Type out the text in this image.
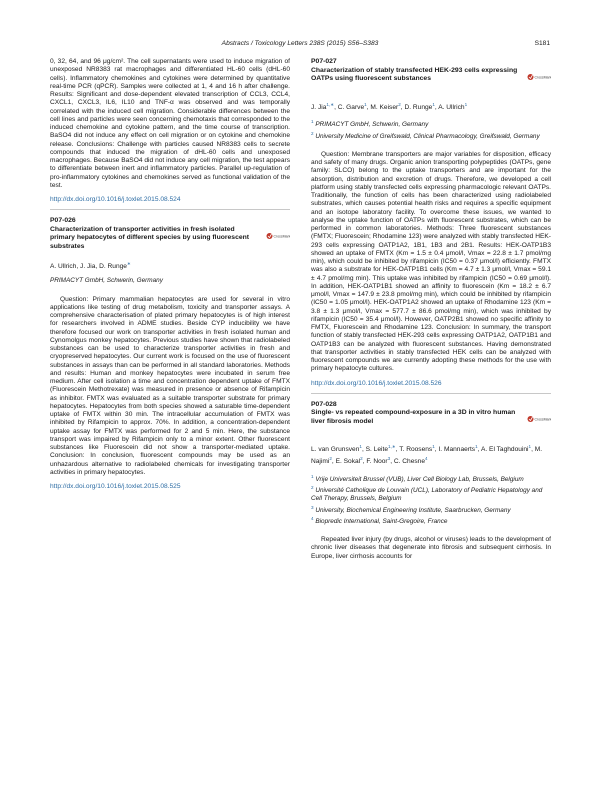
Abstracts / Toxicology Letters 238S (2015) S56–S383	S181

0, 32, 64, and 96 μg/cm². The cell supernatants were used to induce migration of unexposed NR8383 rat macrophages and differentiated HL-60 cells (dHL-60 cells). Inflammatory chemokines and cytokines were determined by quantitative real-time PCR (qPCR). Samples were collected at 1, 4 and 16 h after challenge. Results: Significant and dose-dependent elevated transcription of CCL3, CCL4, CXCL1, CXCL3, IL6, IL10 and TNF-α was observed and was temporally correlated with the induced cell migration. Considerable differences between the cell lines and particles were seen concerning chemotaxis that corresponded to the induced chemokine and cytokine pattern, and the time course of transcription. BaSO4 did not induce any effect on cell migration or on cytokine and chemokine release. Conclusions: Challenge with particles caused NR8383 cells to secrete compounds that induced the migration of dHL-60 cells and unexposed macrophages. Because BaSO4 did not induce any cell migration, the test appears to differentiate between inert and inflammatory particles. Parallel up-regulation of pro-inflammatory cytokines and chemokines served as functional validation of the test.

http://dx.doi.org/10.1016/j.toxlet.2015.08.524
P07-026
Characterization of transporter activities in fresh isolated primary hepatocytes of different species by using fluorescent substrates
CrossMark
A. Ullrich, J. Jia, D. Runge∗
PRIMACYT GmbH, Schwerin, Germany

Question: Primary mammalian hepatocytes are used for several in vitro applications like testing of drug metabolism, toxicity and transporter assays. A comprehensive characterisation of plated primary hepatocytes is of high interest for researchers involved in ADME studies. Beside CYP inducibility we have therefore focused our work on transporter activities in fresh isolated human and Cynomolgus monkey hepatocytes. Previous studies have shown that radiolabeled substances can be used to characterize transporter activities in fresh and cryopreserved hepatocytes. Our current work is focused on the use of fluorescent substances in assays than can be performed in all standard laboratories. Methods and results: Human and monkey hepatocytes were incubated in serum free medium. After cell isolation a time and concentration dependent uptake of FMTX (Fluorescein Methotrexate) was measured in presence or absence of Rifampicin as inhibitor. FMTX was evaluated as a suitable transporter substrate for primary hepatocytes. Hepatocytes from both species showed a saturable time-dependent uptake of FMTX within 30 min. The intracellular accumulation of FMTX was inhibited by Rifampicin to approx. 70%. In addition, a concentration-dependent uptake assay for FMTX was performed for 2 and 5 min. Here, the substance transport was impaired by Rifampicin only to a minor extent. Other fluorescent substances like Fluorescein did not show a transporter-mediated uptake. Conclusion: In conclusion, fluorescent compounds may be used as an unhazardous alternative to radiolabeled chemicals for investigating transporter activities in primary hepatocytes.

http://dx.doi.org/10.1016/j.toxlet.2015.08.525
P07-027
Characterization of stably transfected HEK-293 cells expressing OATPs using fluorescent substances	CrossMark
J. Jia$^{1,∗}$, C. Garve$^1$, M. Keiser$^2$, D. Runge$^1$, A. Ullrich$^1$
$^1$ PRIMACYT GmbH, Schwerin, Germany
$^2$ University Medicine of Greifswald, Clinical Pharmacology, Greifswald, Germany

Question: Membrane transporters are major variables for disposition, efficacy and safety of many drugs. Organic anion transporting polypeptides (OATPs, gene family: SLCO) belong to the uptake transporters and are important for the absorption, distribution and excretion of drugs. Therefore, we developed a cell platform using stably transfected cells expressing pharmacologic relevant OATPs. Traditionally, the function of cells has been characterized using radiolabeled substrates, which causes potential health risks and requires a specific equipment and an isotope laboratory facility. To overcome these issues, we wanted to analyse the uptake function of OATPs with fluorescent substrates, which can be performed in common laboratories. Methods: Three fluorescent substances (FMTX; Fluorescein; Rhodamine 123) were analyzed with stably transfected HEK-293 cells expressing OATP1A2, 1B1, 1B3 and 2B1. Results: HEK-OATP1B3 showed an uptake of FMTX (Km = 1.5 ± 0.4 μmol/l, Vmax = 22.8 ± 1.7 pmol/mg min), which could be inhibited by rifampicin (IC50 = 0.37 μmol/l) efficiently. FMTX was also a substrate for HEK-OATP1B1 cells (Km = 4.7 ± 1.3 μmol/l, Vmax = 59.1 ± 4.7 pmol/mg min). This uptake was inhibited by rifampicin (IC50 = 0.69 μmol/l). In addition, HEK-OATP1B1 showed an affinity to fluorescein (Km = 18.2 ± 6.7 μmol/l, Vmax = 147.9 ± 23.8 pmol/mg min), which could be inhibited by rifampicin (IC50 = 1.05 μmol/l). HEK-OATP1A2 showed an uptake of Rhodamine 123 (Km = 3.8 ± 1.3 μmol/l, Vmax = 577.7 ± 86.6 pmol/mg min), which was inhibited by rifampicin (IC50 = 35.4 μmol/l). However, OATP2B1 showed no specific affinity to FMTX, Fluorescein and Rhodamine 123. Conclusion: In summary, the transport function of stably transfected HEK-293 cells expressing OATP1A2, OATP1B1 and OATP1B3 can be analyzed with fluorescent substances. Having demonstrated that transporter activities in stably transfected HEK cells can be analyzed with fluorescent compounds we are currently adopting these methods for the use with primary hepatocyte cultures.

http://dx.doi.org/10.1016/j.toxlet.2015.08.526
P07-028
Single- vs repeated compound-exposure in a 3D in vitro human liver fibrosis model	CrossMark
L. van Grunsven$^1$, S. Leite$^{1,∗}$, T. Roosens$^1$, I. Mannaerts$^1$, A. El Taghdouini$^1$, M. Najimi$^2$, E. Sokal$^2$, F. Noor$^3$, C. Chesne$^4$
$^1$ Vrije Universiteit Brussel (VUB), Liver Cell Biology Lab, Brussels, Belgium
$^2$ Université Catholique de Louvain (UCL), Laboratory of Pediatric Hepatology and Cell Therapy, Brussels, Belgium
$^3$ University, Biochemical Engineering Institute, Saarbrucken, Germany
$^4$ Biopredic International, Saint-Gregoire, France

Repeated liver injury (by drugs, alcohol or viruses) leads to the development of chronic liver diseases that degenerate into fibrosis and subsequent cirrhosis. In Europe, liver cirrhosis accounts for
